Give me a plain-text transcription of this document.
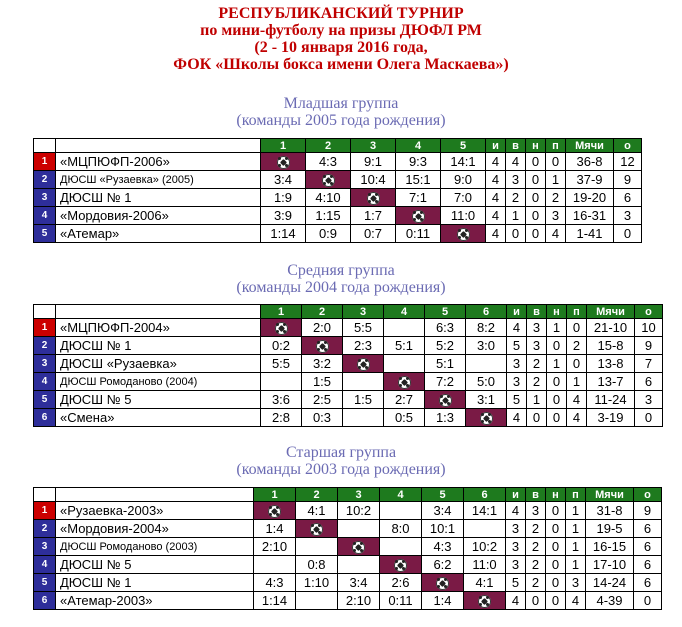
РЕСПУБЛИКАНСКИЙ ТУРНИР
по мини-футболу на призы ДЮФЛ РМ
(2 - 10 января 2016 года,
ФОК «Школы бокса имени Олега Маскаева»)
Младшая группа
(команды 2005 года рождения)
		1	2	3	4	5	и	в	н	п	Мячи	о
1	«МЦПЮФП-2006»		4:3	9:1	9:3	14:1	4	4	0	0	36-8	12
2	ДЮСШ «Рузаевка» (2005)	3:4		10:4	15:1	9:0	4	3	0	1	37-9	9
3	ДЮСШ № 1	1:9	4:10		7:1	7:0	4	2	0	2	19-20	6
4	«Мордовия-2006»	3:9	1:15	1:7		11:0	4	1	0	3	16-31	3
5	«Атемар»	1:14	0:9	0:7	0:11		4	0	0	4	1-41	0
Средняя группа
(команды 2004 года рождения)
		1	2	3	4	5	6	и	в	н	п	Мячи	о
1	«МЦПЮФП-2004»		2:0	5:5		6:3	8:2	4	3	1	0	21-10	10
2	ДЮСШ № 1	0:2		2:3	5:1	5:2	3:0	5	3	0	2	15-8	9
3	ДЮСШ «Рузаевка»	5:5	3:2			5:1		3	2	1	0	13-8	7
4	ДЮСШ Ромоданово (2004)		1:5			7:2	5:0	3	2	0	1	13-7	6
5	ДЮСШ № 5	3:6	2:5	1:5	2:7		3:1	5	1	0	4	11-24	3
6	«Смена»	2:8	0:3		0:5	1:3		4	0	0	4	3-19	0
Старшая группа
(команды 2003 года рождения)
		1	2	3	4	5	6	и	в	н	п	Мячи	о
1	«Рузаевка-2003»		4:1	10:2		3:4	14:1	4	3	0	1	31-8	9
2	«Мордовия-2004»	1:4			8:0	10:1		3	2	0	1	19-5	6
3	ДЮСШ Ромоданово (2003)	2:10				4:3	10:2	3	2	0	1	16-15	6
4	ДЮСШ № 5		0:8			6:2	11:0	3	2	0	1	17-10	6
5	ДЮСШ № 1	4:3	1:10	3:4	2:6		4:1	5	2	0	3	14-24	6
6	«Атемар-2003»	1:14		2:10	0:11	1:4		4	0	0	4	4-39	0
